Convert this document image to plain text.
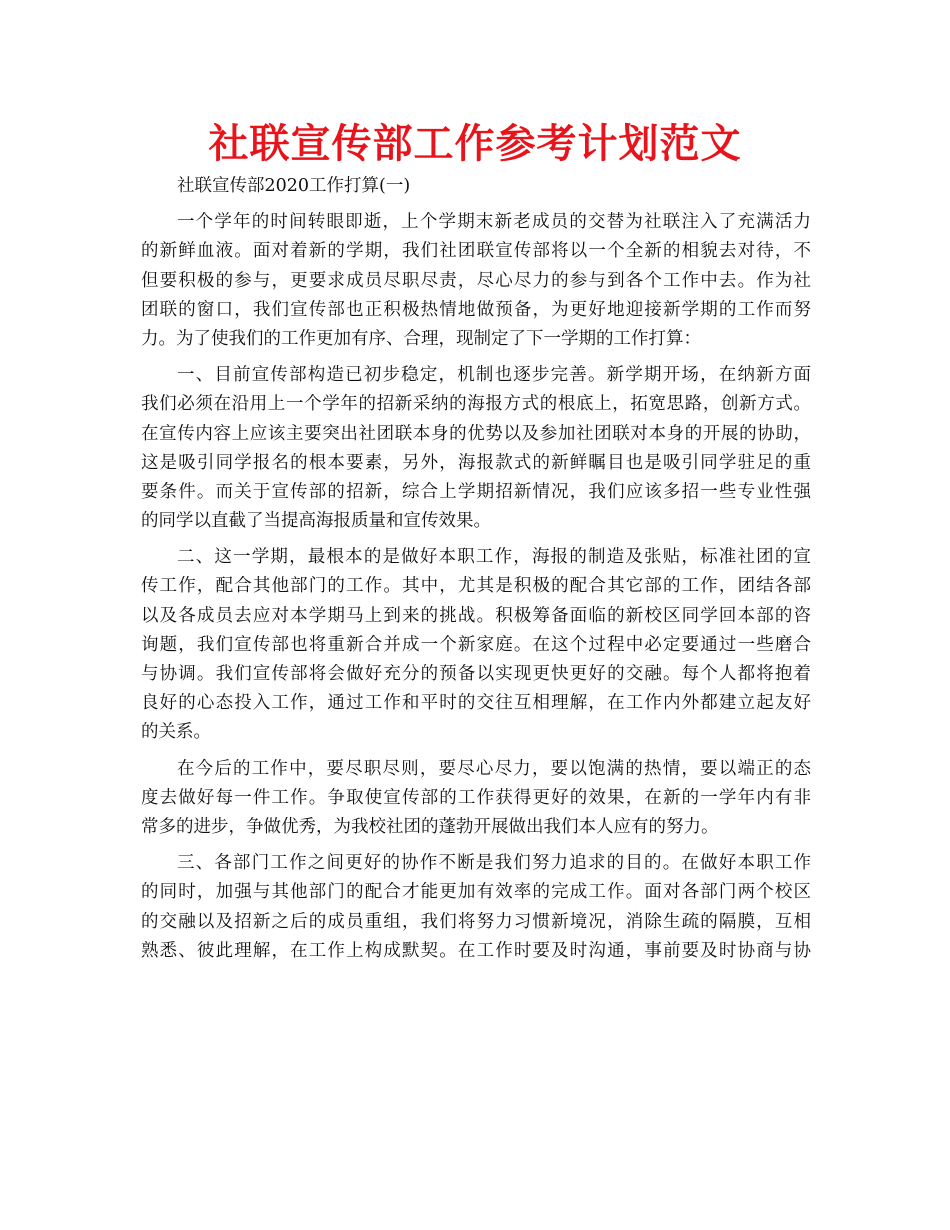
社联宣传部工作参考计划范文
社联宣传部2020工作打算(一)
一个学年的时间转眼即逝，上个学期末新老成员的交替为社联注入了充满活力
的新鲜血液。面对着新的学期，我们社团联宣传部将以一个全新的相貌去对待，不
但要积极的参与，更要求成员尽职尽责，尽心尽力的参与到各个工作中去。作为社
团联的窗口，我们宣传部也正积极热情地做预备，为更好地迎接新学期的工作而努
力。为了使我们的工作更加有序、合理，现制定了下一学期的工作打算：
一、目前宣传部构造已初步稳定，机制也逐步完善。新学期开场，在纳新方面
我们必须在沿用上一个学年的招新采纳的海报方式的根底上，拓宽思路，创新方式。
在宣传内容上应该主要突出社团联本身的优势以及参加社团联对本身的开展的协助，
这是吸引同学报名的根本要素，另外，海报款式的新鲜瞩目也是吸引同学驻足的重
要条件。而关于宣传部的招新，综合上学期招新情况，我们应该多招一些专业性强
的同学以直截了当提高海报质量和宣传效果。
二、这一学期，最根本的是做好本职工作，海报的制造及张贴，标准社团的宣
传工作，配合其他部门的工作。其中，尤其是积极的配合其它部的工作，团结各部
以及各成员去应对本学期马上到来的挑战。积极筹备面临的新校区同学回本部的咨
询题，我们宣传部也将重新合并成一个新家庭。在这个过程中必定要通过一些磨合
与协调。我们宣传部将会做好充分的预备以实现更快更好的交融。每个人都将抱着
良好的心态投入工作，通过工作和平时的交往互相理解，在工作内外都建立起友好
的关系。
在今后的工作中，要尽职尽则，要尽心尽力，要以饱满的热情，要以端正的态
度去做好每一件工作。争取使宣传部的工作获得更好的效果，在新的一学年内有非
常多的进步，争做优秀，为我校社团的蓬勃开展做出我们本人应有的努力。
三、各部门工作之间更好的协作不断是我们努力追求的目的。在做好本职工作
的同时，加强与其他部门的配合才能更加有效率的完成工作。面对各部门两个校区
的交融以及招新之后的成员重组，我们将努力习惯新境况，消除生疏的隔膜，互相
熟悉、彼此理解，在工作上构成默契。在工作时要及时沟通，事前要及时协商与协
